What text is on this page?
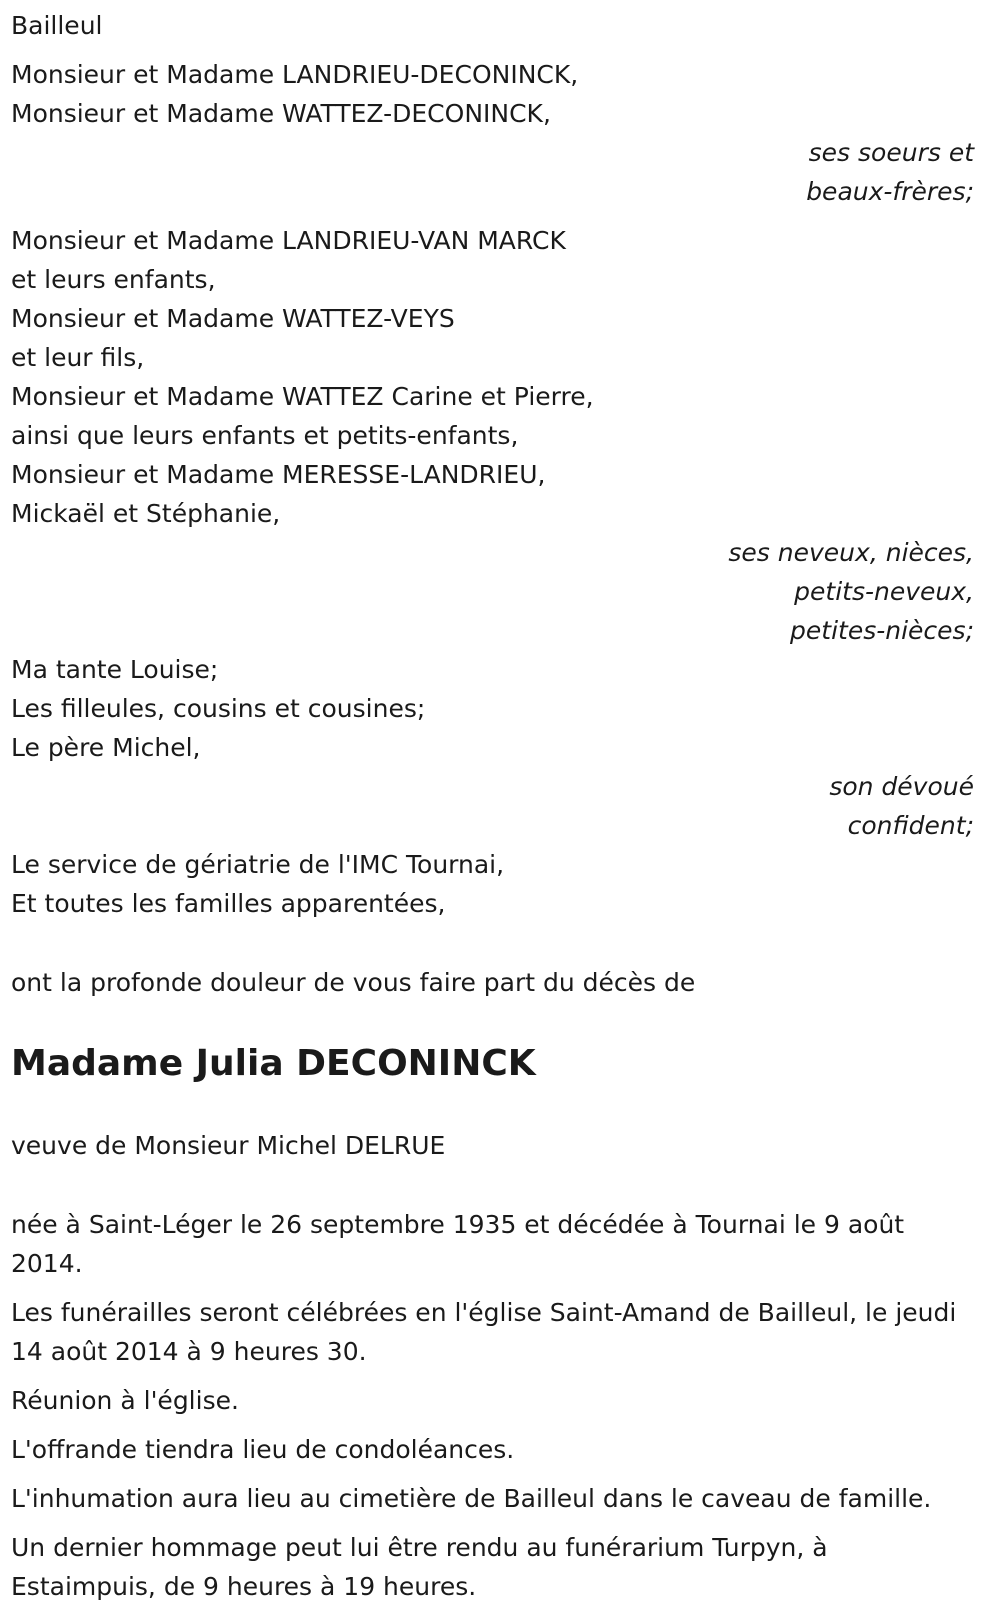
Bailleul
Monsieur et Madame LANDRIEU-DECONINCK,
Monsieur et Madame WATTEZ-DECONINCK,
ses soeurs et
beaux-frères;
Monsieur et Madame LANDRIEU-VAN MARCK
et leurs enfants,
Monsieur et Madame WATTEZ-VEYS
et leur fils,
Monsieur et Madame WATTEZ Carine et Pierre,
ainsi que leurs enfants et petits-enfants,
Monsieur et Madame MERESSE-LANDRIEU,
Mickaël et Stéphanie,
ses neveux, nièces,
petits-neveux,
petites-nièces;
Ma tante Louise;
Les filleules, cousins et cousines;
Le père Michel,
son dévoué
confident;
Le service de gériatrie de l'IMC Tournai,
Et toutes les familles apparentées,
ont la profonde douleur de vous faire part du décès de
Madame Julia DECONINCK
veuve de Monsieur Michel DELRUE
née à Saint-Léger le 26 septembre 1935 et décédée à Tournai le 9 août 2014.
Les funérailles seront célébrées en l'église Saint-Amand de Bailleul, le jeudi 14 août 2014 à 9 heures 30.
Réunion à l'église.
L'offrande tiendra lieu de condoléances.
L'inhumation aura lieu au cimetière de Bailleul dans le caveau de famille.
Un dernier hommage peut lui être rendu au funérarium Turpyn, à Estaimpuis, de 9 heures à 19 heures.
